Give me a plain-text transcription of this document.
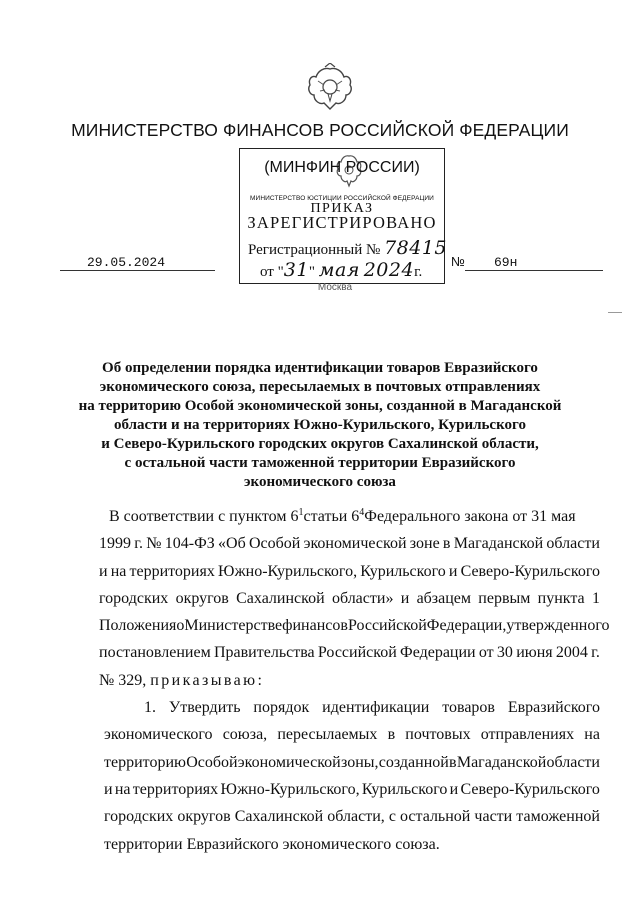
МИНИСТЕРСТВО ФИНАНСОВ РОССИЙСКОЙ ФЕДЕРАЦИИ
(МИНФИН РОССИИ)
МИНИСТЕРСТВО ЮСТИЦИИ РОССИЙСКОЙ ФЕДЕРАЦИИ
ПРИКАЗ
ЗАРЕГИСТРИРОВАНО
Регистрационный № 78415
от "31" мая 2024г.
29.05.2024	№	69н
Москва
Об определении порядка идентификации товаров Евразийского
экономического союза, пересылаемых в почтовых отправлениях
на территорию Особой экономической зоны, созданной в Магаданской
области и на территориях Южно-Курильского, Курильского
и Северо-Курильского городских округов Сахалинской области,
с остальной части таможенной территории Евразийского
экономического союза
В соответствии с пунктом $6^1статьи$ $6^4Федерального$ закона от 31 мая
1999 г. № 104-ФЗ «Об Особой экономической зоне в Магаданской области
и на территориях Южно-Курильского, Курильского и Северо-Курильского
городских округов Сахалинской области» и абзацем первым пункта 1
Положения о Министерстве финансов Российской Федерации, утвержденного
постановлением Правительства Российской Федерации от 30 июня 2004 г.
№ 329,
приказываю:
1. Утвердить порядок идентификации товаров Евразийского
экономического союза, пересылаемых в почтовых отправлениях на
территорию Особой экономической зоны, созданной в Магаданской области
и на территориях Южно-Курильского, Курильского и Северо-Курильского
городских округов Сахалинской области, с остальной части таможенной
территории Евразийского экономического союза.
